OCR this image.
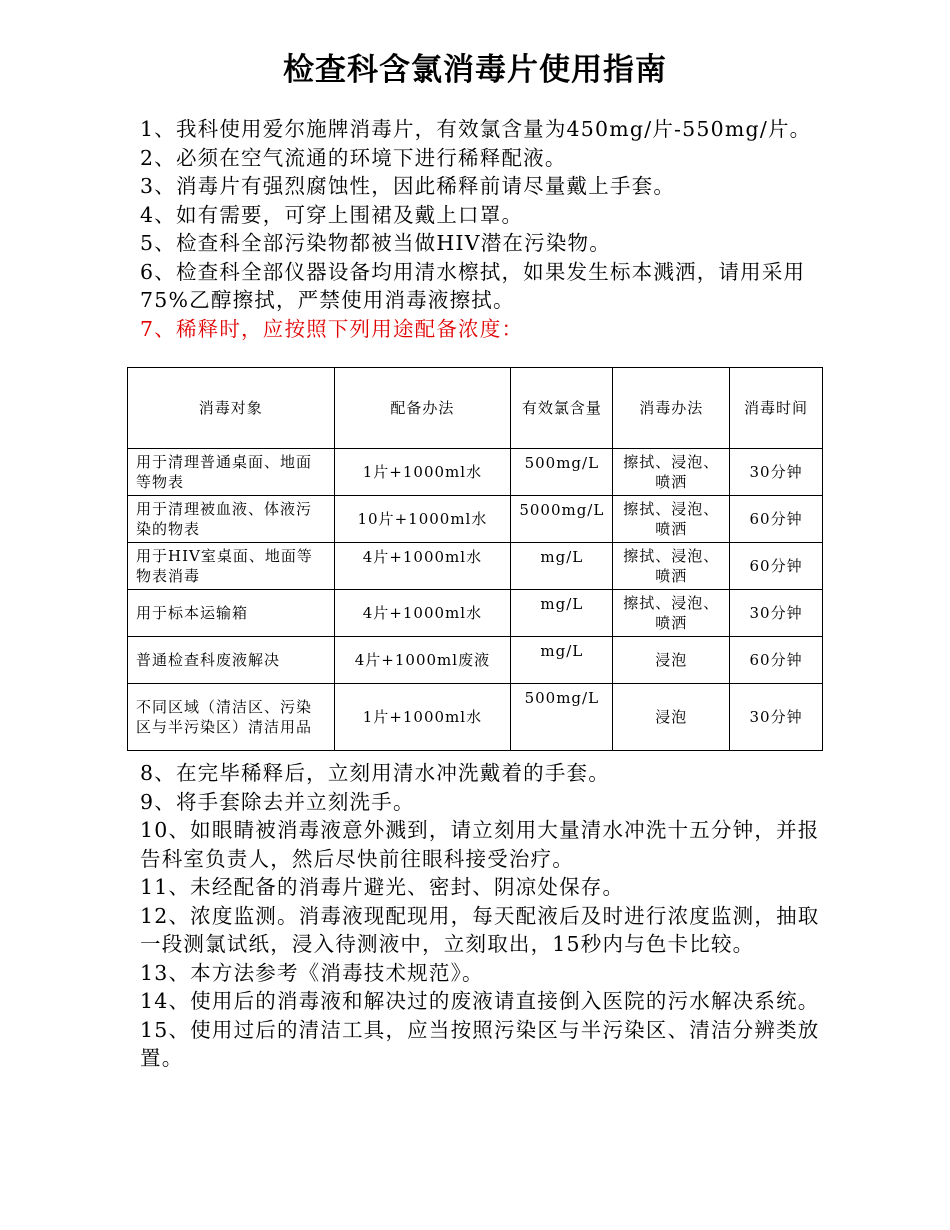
检查科含氯消毒片使用指南

1、我科使用爱尔施牌消毒片，有效氯含量为450mg/片-550mg/片。

2、必须在空气流通的环境下进行稀释配液。

3、消毒片有强烈腐蚀性，因此稀释前请尽量戴上手套。

4、如有需要，可穿上围裙及戴上口罩。

5、检查科全部污染物都被当做HIV潜在污染物。

6、检查科全部仪器设备均用清水檫拭，如果发生标本溅洒，请用采用75%乙醇擦拭，严禁使用消毒液擦拭。

7、稀释时，应按照下列用途配备浓度：

消毒对象	配备办法	有效氯含量	消毒办法	消毒时间
用于清理普通桌面、地面等物表	1片+1000ml水	500mg/L	擦拭、浸泡、喷洒	30分钟
用于清理被血液、体液污染的物表	10片+1000ml水	5000mg/L	擦拭、浸泡、喷洒	60分钟
用于HIV室桌面、地面等物表消毒	4片+1000ml水	mg/L	擦拭、浸泡、喷洒	60分钟
用于标本运输箱	4片+1000ml水	mg/L	擦拭、浸泡、喷洒	30分钟
普通检查科废液解决	4片+1000ml废液	mg/L	浸泡	60分钟
不同区域（清洁区、污染区与半污染区）清洁用品	1片+1000ml水	500mg/L	浸泡	30分钟

8、在完毕稀释后，立刻用清水冲洗戴着的手套。

9、将手套除去并立刻洗手。

10、如眼睛被消毒液意外溅到，请立刻用大量清水冲洗十五分钟，并报告科室负责人，然后尽快前往眼科接受治疗。

11、未经配备的消毒片避光、密封、阴凉处保存。

12、浓度监测。消毒液现配现用，每天配液后及时进行浓度监测，抽取一段测氯试纸，浸入待测液中，立刻取出，15秒内与色卡比较。

13、本方法参考《消毒技术规范》。

14、使用后的消毒液和解决过的废液请直接倒入医院的污水解决系统。

15、使用过后的清洁工具，应当按照污染区与半污染区、清洁分辨类放置。
